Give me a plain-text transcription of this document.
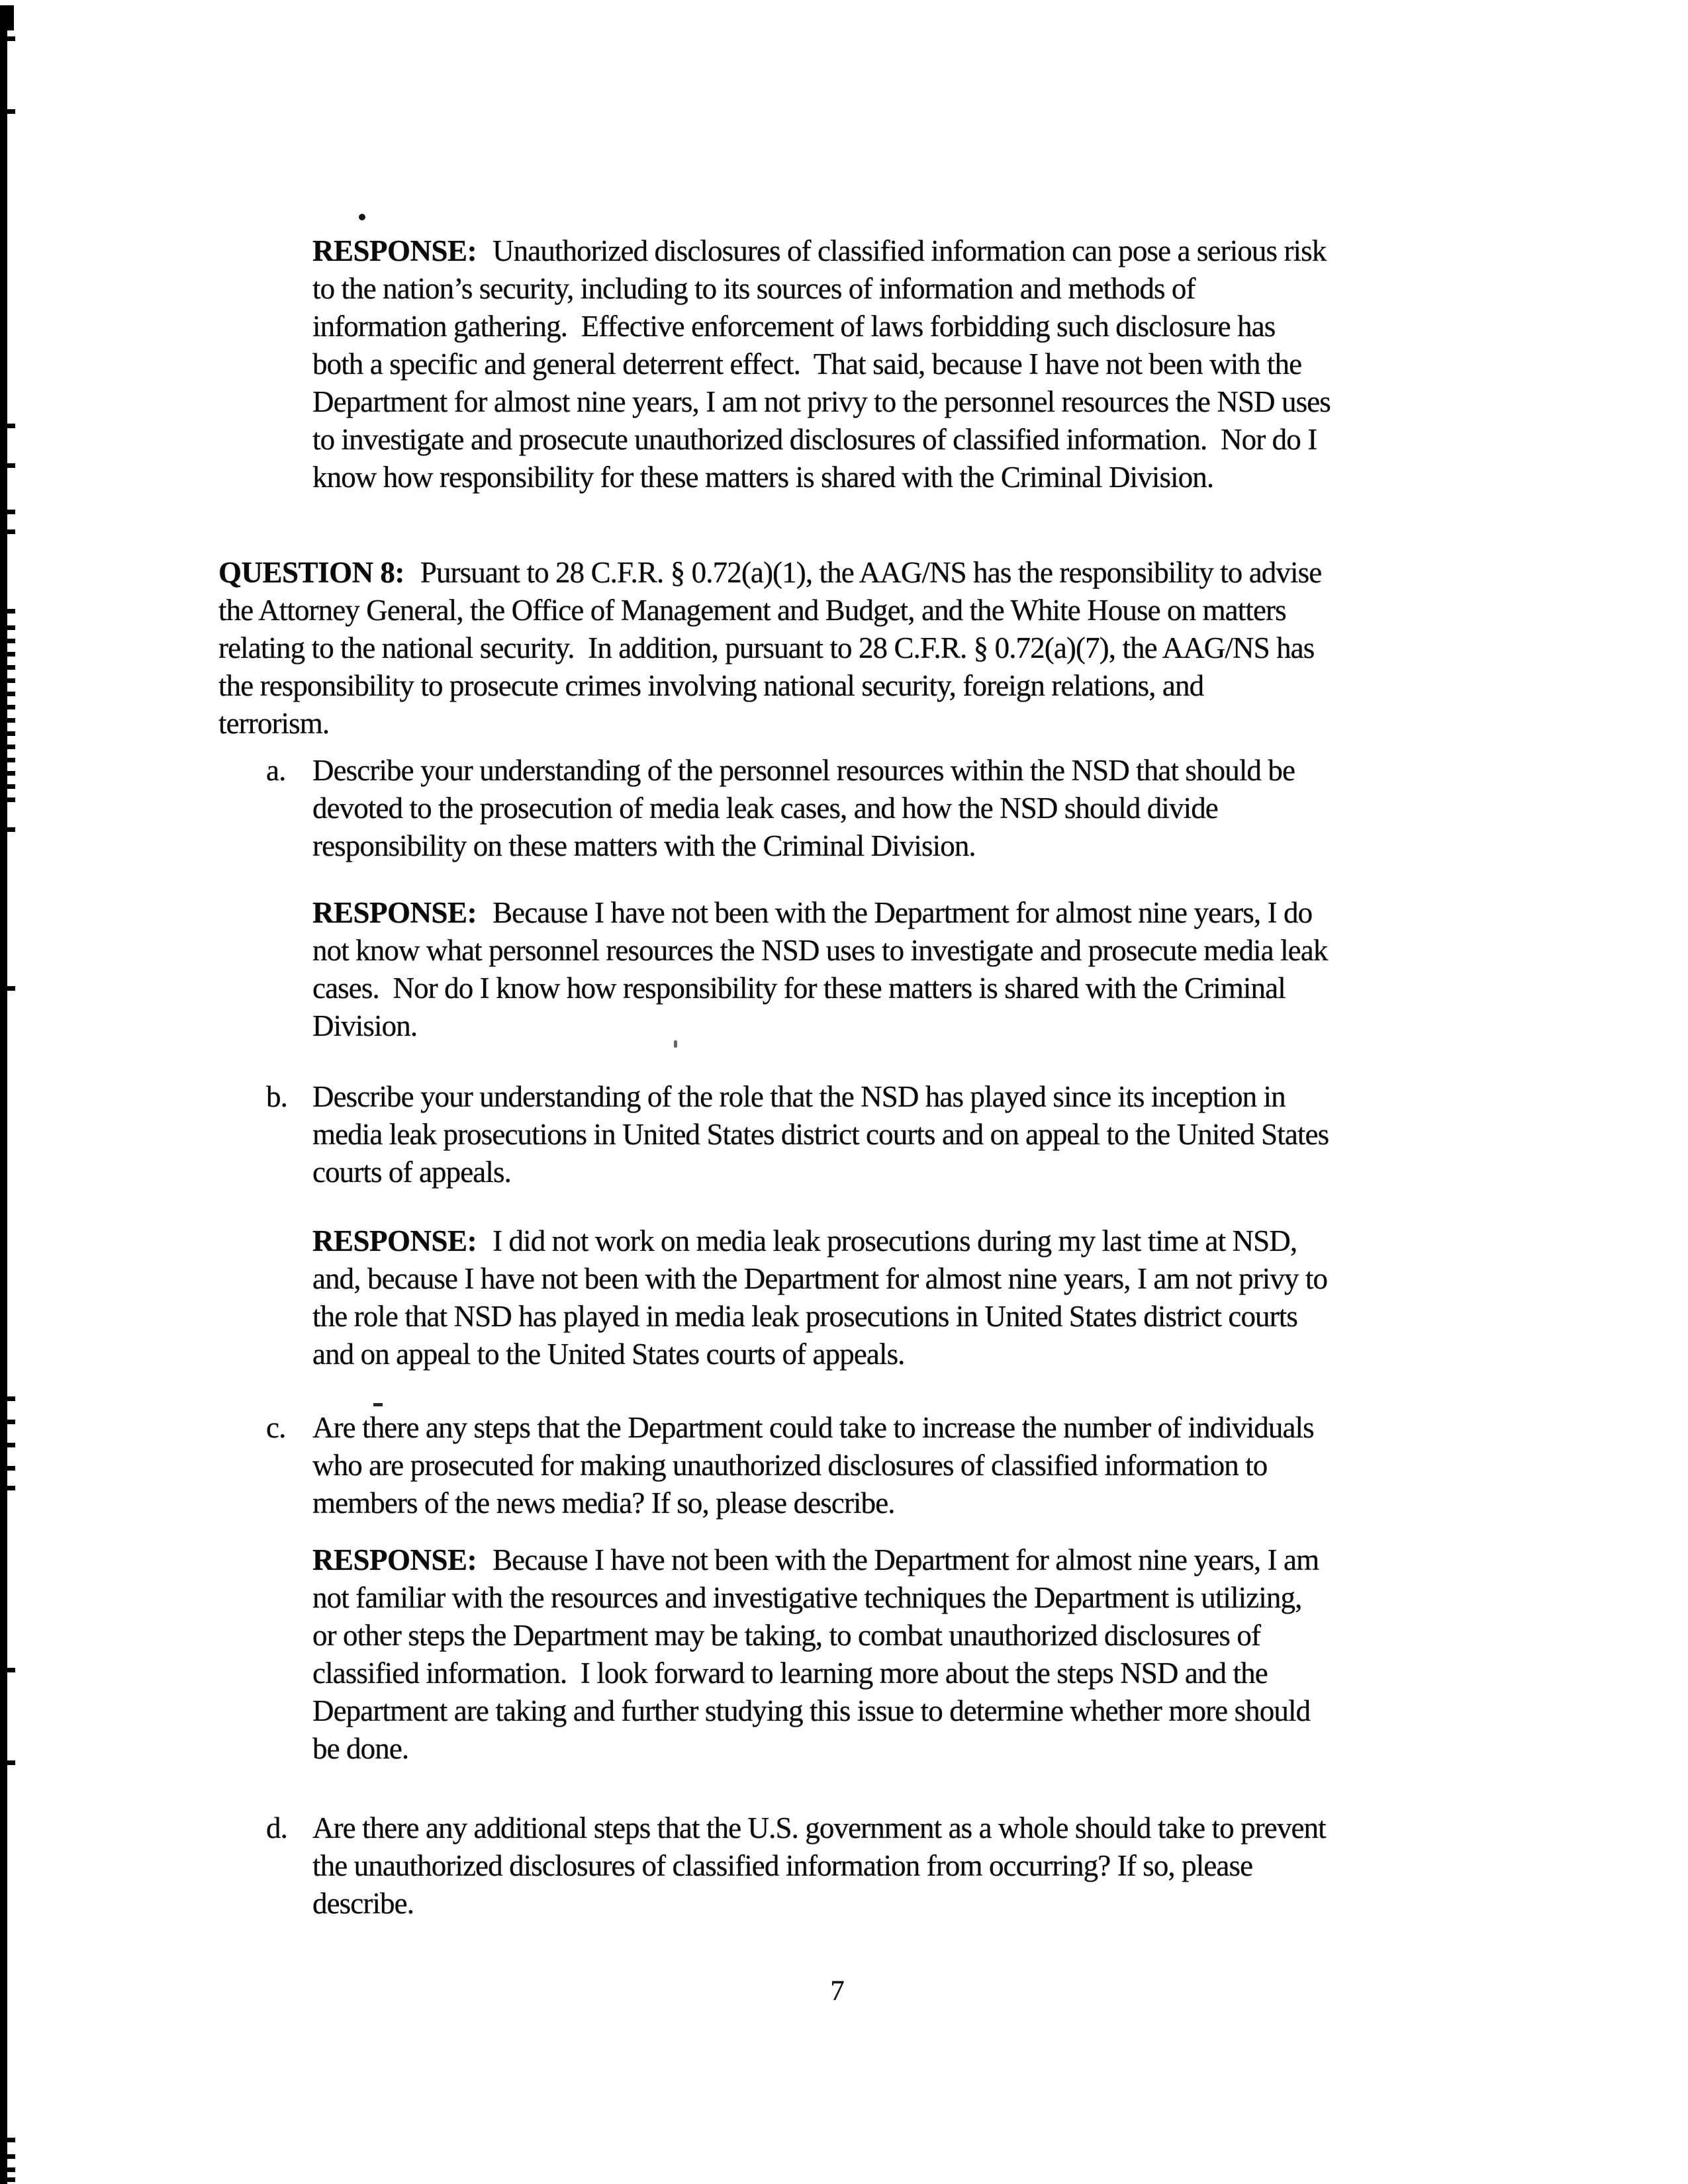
RESPONSE: Unauthorized disclosures of classified information can pose a serious risk
to the nation’s security, including to its sources of information and methods of
information gathering.  Effective enforcement of laws forbidding such disclosure has
both a specific and general deterrent effect.  That said, because I have not been with the
Department for almost nine years, I am not privy to the personnel resources the NSD uses
to investigate and prosecute unauthorized disclosures of classified information.  Nor do I
know how responsibility for these matters is shared with the Criminal Division.
QUESTION 8: Pursuant to 28 C.F.R. § 0.72(a)(1), the AAG/NS has the responsibility to advise
the Attorney General, the Office of Management and Budget, and the White House on matters
relating to the national security.  In addition, pursuant to 28 C.F.R. § 0.72(a)(7), the AAG/NS has
the responsibility to prosecute crimes involving national security, foreign relations, and
terrorism.
a. Describe your understanding of the personnel resources within the NSD that should be
devoted to the prosecution of media leak cases, and how the NSD should divide
responsibility on these matters with the Criminal Division.
RESPONSE: Because I have not been with the Department for almost nine years, I do
not know what personnel resources the NSD uses to investigate and prosecute media leak
cases.  Nor do I know how responsibility for these matters is shared with the Criminal
Division.
b. Describe your understanding of the role that the NSD has played since its inception in
media leak prosecutions in United States district courts and on appeal to the United States
courts of appeals.
RESPONSE: I did not work on media leak prosecutions during my last time at NSD,
and, because I have not been with the Department for almost nine years, I am not privy to
the role that NSD has played in media leak prosecutions in United States district courts
and on appeal to the United States courts of appeals.
c. Are there any steps that the Department could take to increase the number of individuals
who are prosecuted for making unauthorized disclosures of classified information to
members of the news media? If so, please describe.
RESPONSE: Because I have not been with the Department for almost nine years, I am
not familiar with the resources and investigative techniques the Department is utilizing,
or other steps the Department may be taking, to combat unauthorized disclosures of
classified information.  I look forward to learning more about the steps NSD and the
Department are taking and further studying this issue to determine whether more should
be done.
d. Are there any additional steps that the U.S. government as a whole should take to prevent
the unauthorized disclosures of classified information from occurring? If so, please
describe.
7
